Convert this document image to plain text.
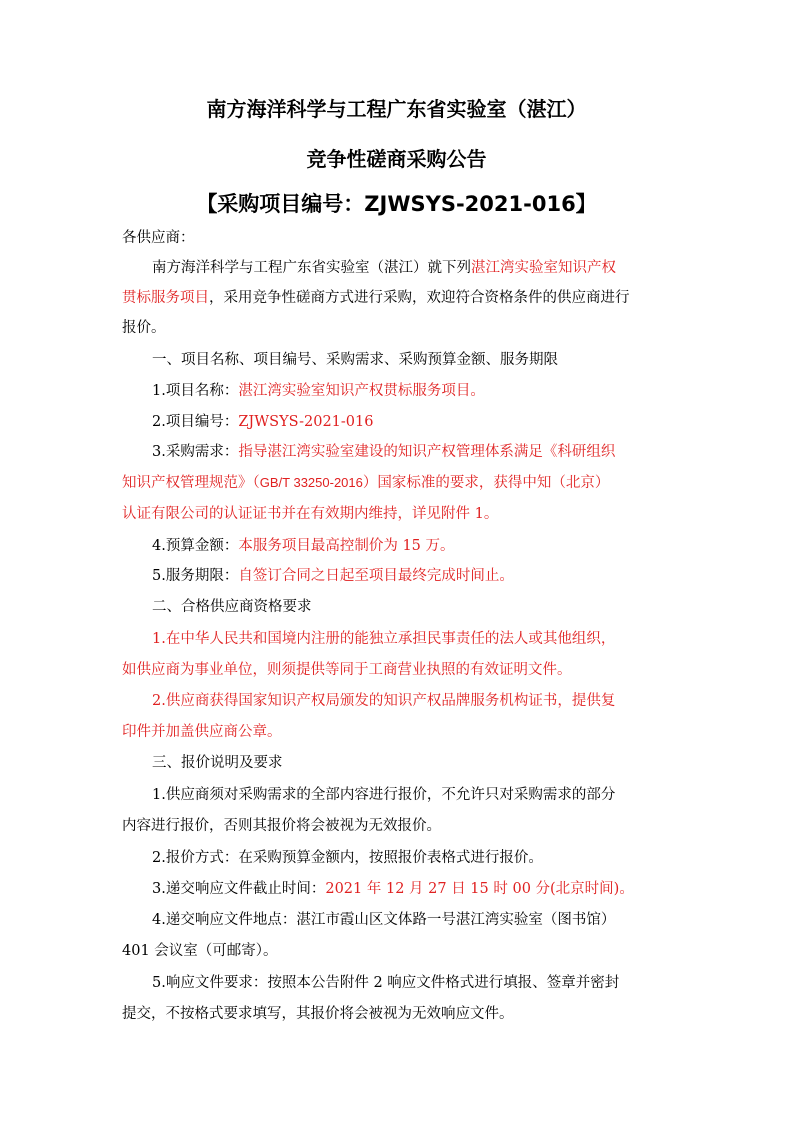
南方海洋科学与工程广东省实验室（湛江）
竞争性磋商采购公告
【采购项目编号：ZJWSYS-2021-016】
各供应商：
南方海洋科学与工程广东省实验室（湛江）就下列湛江湾实验室知识产权
贯标服务项目，采用竞争性磋商方式进行采购，欢迎符合资格条件的供应商进行
报价。
一、项目名称、项目编号、采购需求、采购预算金额、服务期限
1.项目名称：湛江湾实验室知识产权贯标服务项目。
2.项目编号：ZJWSYS-2021-016
3.采购需求：指导湛江湾实验室建设的知识产权管理体系满足《科研组织
知识产权管理规范》（GB/T 33250-2016）国家标准的要求，获得中知（北京）
认证有限公司的认证证书并在有效期内维持，详见附件 1。
4.预算金额：本服务项目最高控制价为 15 万。
5.服务期限：自签订合同之日起至项目最终完成时间止。
二、合格供应商资格要求
1.在中华人民共和国境内注册的能独立承担民事责任的法人或其他组织，
如供应商为事业单位，则须提供等同于工商营业执照的有效证明文件。
2.供应商获得国家知识产权局颁发的知识产权品牌服务机构证书，提供复
印件并加盖供应商公章。
三、报价说明及要求
1.供应商须对采购需求的全部内容进行报价，不允许只对采购需求的部分
内容进行报价，否则其报价将会被视为无效报价。
2.报价方式：在采购预算金额内，按照报价表格式进行报价。
3.递交响应文件截止时间：2021 年 12 月 27 日 15 时 00 分(北京时间)。
4.递交响应文件地点：湛江市霞山区文体路一号湛江湾实验室（图书馆）
401 会议室（可邮寄）。
5.响应文件要求：按照本公告附件 2 响应文件格式进行填报、签章并密封
提交，不按格式要求填写，其报价将会被视为无效响应文件。
